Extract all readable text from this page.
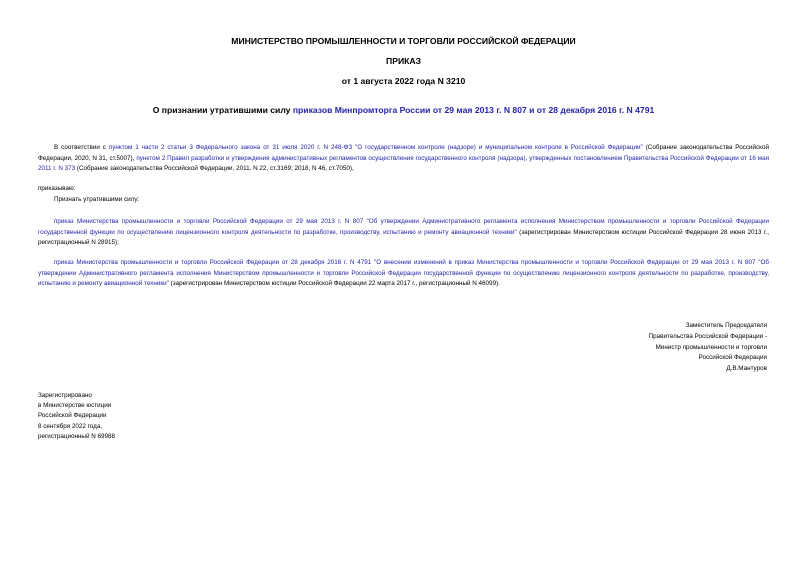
МИНИСТЕРСТВО ПРОМЫШЛЕННОСТИ И ТОРГОВЛИ РОССИЙСКОЙ ФЕДЕРАЦИИ
ПРИКАЗ
от 1 августа 2022 года N 3210
О признании утратившими силу приказов Минпромторга России от 29 мая 2013 г. N 807 и от 28 декабря 2016 г. N 4791
В соответствии с пунктом 1 части 2 статьи 3 Федерального закона от 31 июля 2020 г. N 248-ФЗ "О государственном контроле (надзоре) и муниципальном контроле в Российской Федерации" (Собрание законодательства Российской Федерации, 2020, N 31, ст.5007), пунктом 2 Правил разработки и утверждения административных регламентов осуществления государственного контроля (надзора), утвержденных постановлением Правительства Российской Федерации от 16 мая 2011 г. N 373 (Собрание законодательства Российской Федерации, 2011, N 22, ст.3169; 2018, N 46, ст.7050),
приказываю:
Признать утратившими силу:
приказ Министерства промышленности и торговли Российской Федерации от 29 мая 2013 г. N 807 "Об утверждении Административного регламента исполнения Министерством промышленности и торговли Российской Федерации государственной функции по осуществлению лицензионного контроля деятельности по разработке, производству, испытанию и ремонту авиационной техники" (зарегистрирован Министерством юстиции Российской Федерации 28 июня 2013 г., регистрационный N 28915);
приказ Министерства промышленности и торговли Российской Федерации от 28 декабря 2016 г. N 4791 "О внесении изменений в приказ Министерства промышленности и торговли Российской Федерации от 29 мая 2013 г. N 807 "Об утверждении Административного регламента исполнения Министерством промышленности и торговли Российской Федерации государственной функции по осуществлению лицензионного контроля деятельности по разработке, производству, испытанию и ремонту авиационной техники" (зарегистрирован Министерством юстиции Российской Федерации 22 марта 2017 г., регистрационный N 46099).
Заместитель Председателя
Правительства Российской Федерации -
Министр промышленности и торговли
Российской Федерации
Д.В.Мантуров
Зарегистрировано
в Министерстве юстиции
Российской Федерации
8 сентября 2022 года,
регистрационный N 69988
